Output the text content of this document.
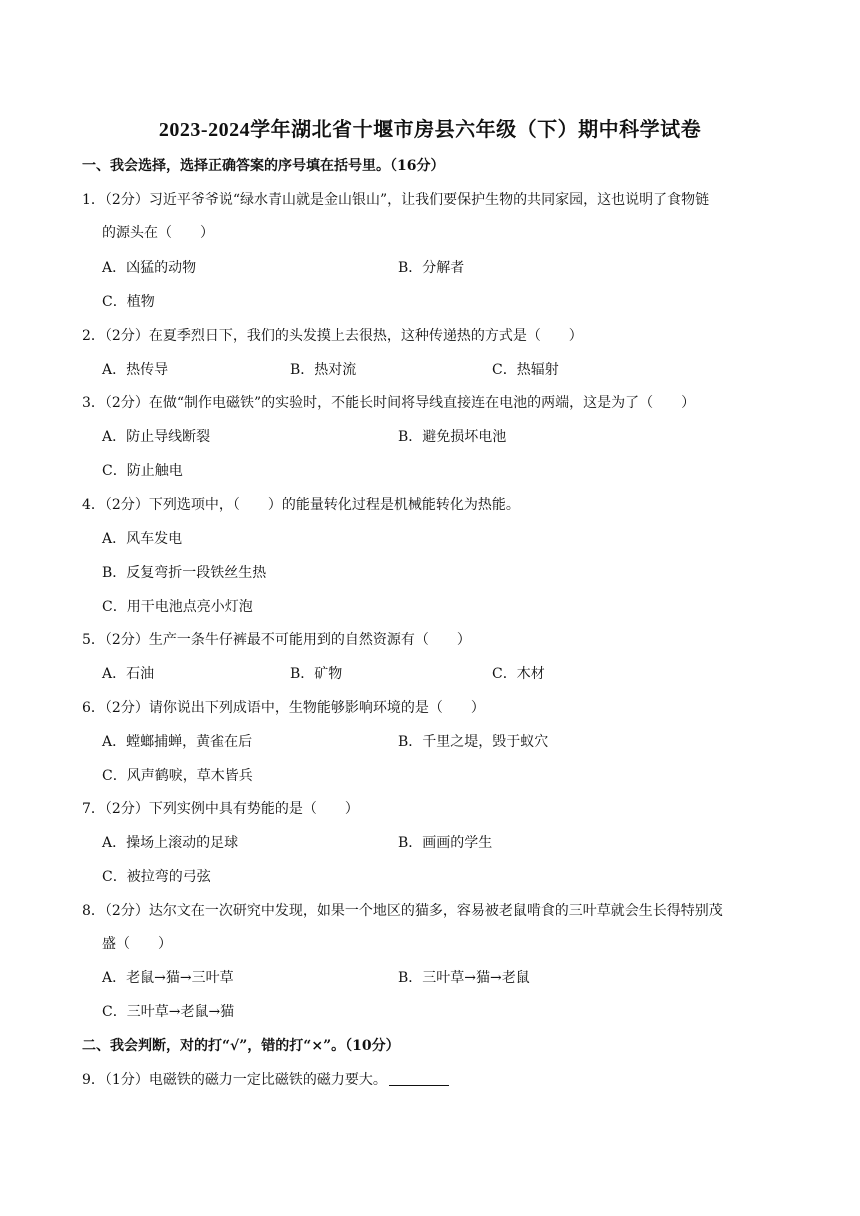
2023-2024学年湖北省十堰市房县六年级（下）期中科学试卷
一、我会选择，选择正确答案的序号填在括号里。（16分）
1．（2分）习近平爷爷说“绿水青山就是金山银山”，让我们要保护生物的共同家园，这也说明了食物链
的源头在（　　）
A．凶猛的动物	B．分解者
C．植物
2．（2分）在夏季烈日下，我们的头发摸上去很热，这种传递热的方式是（　　）
A．热传导	B．热对流	C．热辐射
3．（2分）在做“制作电磁铁”的实验时，不能长时间将导线直接连在电池的两端，这是为了（　　）
A．防止导线断裂	B．避免损坏电池
C．防止触电
4．（2分）下列选项中，（　　）的能量转化过程是机械能转化为热能。
A．风车发电
B．反复弯折一段铁丝生热
C．用干电池点亮小灯泡
5．（2分）生产一条牛仔裤最不可能用到的自然资源有（　　）
A．石油	B．矿物	C．木材
6．（2分）请你说出下列成语中，生物能够影响环境的是（　　）
A．螳螂捕蝉，黄雀在后	B．千里之堤，毁于蚁穴
C．风声鹤唳，草木皆兵
7．（2分）下列实例中具有势能的是（　　）
A．操场上滚动的足球	B．画画的学生
C．被拉弯的弓弦
8．（2分）达尔文在一次研究中发现，如果一个地区的猫多，容易被老鼠啃食的三叶草就会生长得特别茂
盛（　　）
A．老鼠→猫→三叶草	B．三叶草→猫→老鼠
C．三叶草→老鼠→猫
二、我会判断，对的打“√”，错的打“×”。（10分）
9．（1分）电磁铁的磁力一定比磁铁的磁力要大。
